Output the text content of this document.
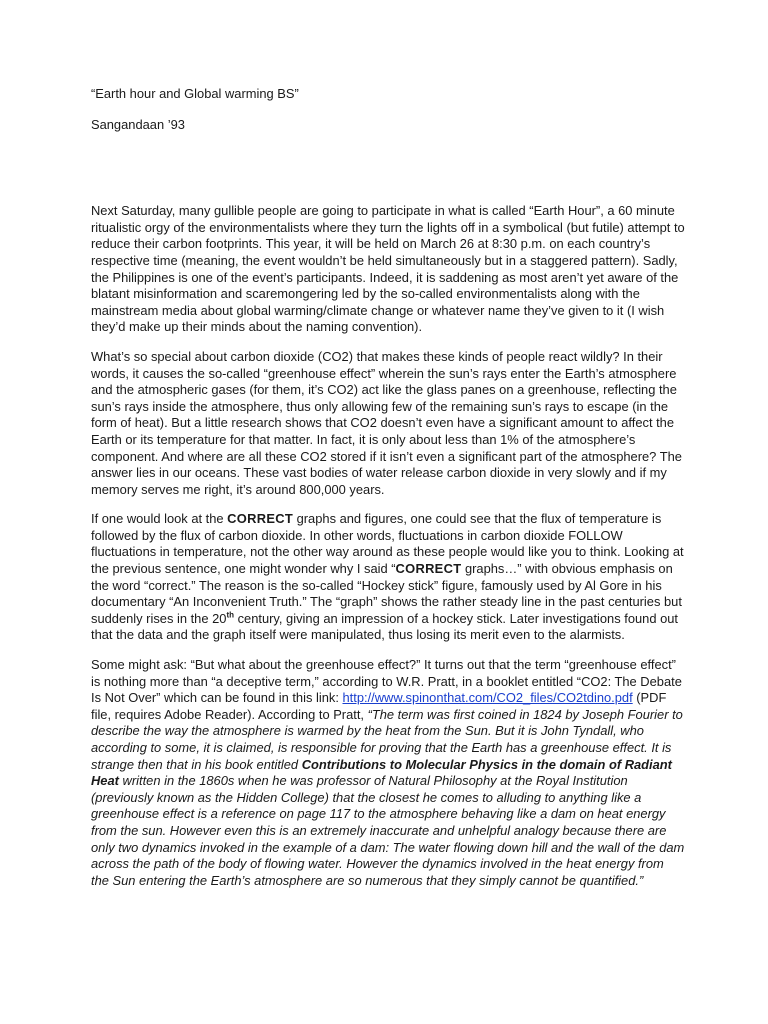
“Earth hour and Global warming BS”

Sangandaan ’93

Next Saturday, many gullible people are going to participate in what is called “Earth Hour”, a 60 minute ritualistic orgy of the environmentalists where they turn the lights off in a symbolical (but futile) attempt to reduce their carbon footprints. This year, it will be held on March 26 at 8:30 p.m. on each country’s respective time (meaning, the event wouldn’t be held simultaneously but in a staggered pattern). Sadly, the Philippines is one of the event’s participants. Indeed, it is saddening as most aren’t yet aware of the blatant misinformation and scaremongering led by the so-called environmentalists along with the mainstream media about global warming/climate change or whatever name they’ve given to it (I wish they’d make up their minds about the naming convention).

What’s so special about carbon dioxide (CO2) that makes these kinds of people react wildly? In their words, it causes the so-called “greenhouse effect” wherein the sun’s rays enter the Earth’s atmosphere and the atmospheric gases (for them, it’s CO2) act like the glass panes on a greenhouse, reflecting the sun’s rays inside the atmosphere, thus only allowing few of the remaining sun’s rays to escape (in the form of heat). But a little research shows that CO2 doesn’t even have a significant amount to affect the Earth or its temperature for that matter. In fact, it is only about less than 1% of the atmosphere’s component. And where are all these CO2 stored if it isn’t even a significant part of the atmosphere? The answer lies in our oceans. These vast bodies of water release carbon dioxide in very slowly and if my memory serves me right, it’s around 800,000 years.

If one would look at the CORRECT graphs and figures, one could see that the flux of temperature is followed by the flux of carbon dioxide. In other words, fluctuations in carbon dioxide FOLLOW fluctuations in temperature, not the other way around as these people would like you to think. Looking at the previous sentence, one might wonder why I said “CORRECT graphs…” with obvious emphasis on the word “correct.” The reason is the so-called “Hockey stick” figure, famously used by Al Gore in his documentary “An Inconvenient Truth.” The “graph” shows the rather steady line in the past centuries but suddenly rises in the 20th century, giving an impression of a hockey stick. Later investigations found out that the data and the graph itself were manipulated, thus losing its merit even to the alarmists.

Some might ask: “But what about the greenhouse effect?” It turns out that the term “greenhouse effect” is nothing more than “a deceptive term,” according to W.R. Pratt, in a booklet entitled “CO2: The Debate Is Not Over” which can be found in this link: http://www.spinonthat.com/CO2_files/CO2tdino.pdf (PDF file, requires Adobe Reader). According to Pratt, “The term was first coined in 1824 by Joseph Fourier to describe the way the atmosphere is warmed by the heat from the Sun. But it is John Tyndall, who according to some, it is claimed, is responsible for proving that the Earth has a greenhouse effect. It is strange then that in his book entitled Contributions to Molecular Physics in the domain of Radiant Heat written in the 1860s when he was professor of Natural Philosophy at the Royal Institution (previously known as the Hidden College) that the closest he comes to alluding to anything like a greenhouse effect is a reference on page 117 to the atmosphere behaving like a dam on heat energy from the sun. However even this is an extremely inaccurate and unhelpful analogy because there are only two dynamics invoked in the example of a dam: The water flowing down hill and the wall of the dam across the path of the body of flowing water. However the dynamics involved in the heat energy from the Sun entering the Earth’s atmosphere are so numerous that they simply cannot be quantified.”
